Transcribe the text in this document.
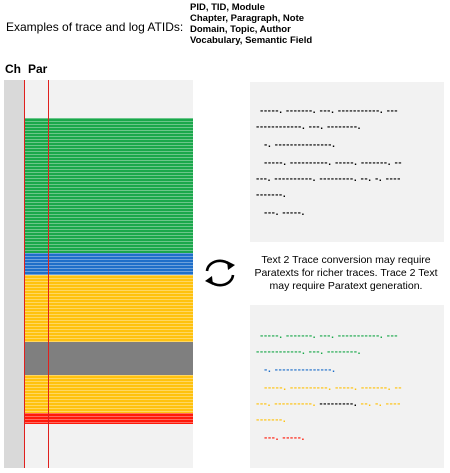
Examples of trace and log ATIDs:
PID, TID, Module
Chapter, Paragraph, Note
Domain, Topic, Author
Vocabulary, Semantic Field
Ch Par
-----. -------. ---. -----------. ---
------------. ---. --------.
-. ---------------.
-----. ----------. -----. -------. --
---. ----------. ---------. --. -. ----
-------.
---. -----.
Text 2 Trace conversion may require Paratexts for richer traces. Trace 2 Text may require Paratext generation.
-----. -------. ---. -----------. ---
------------. ---. --------.
-. ---------------.
-----. ----------. -----. -------. --
---. ----------. ---------. --. -. ----
-------.
---. -----.
